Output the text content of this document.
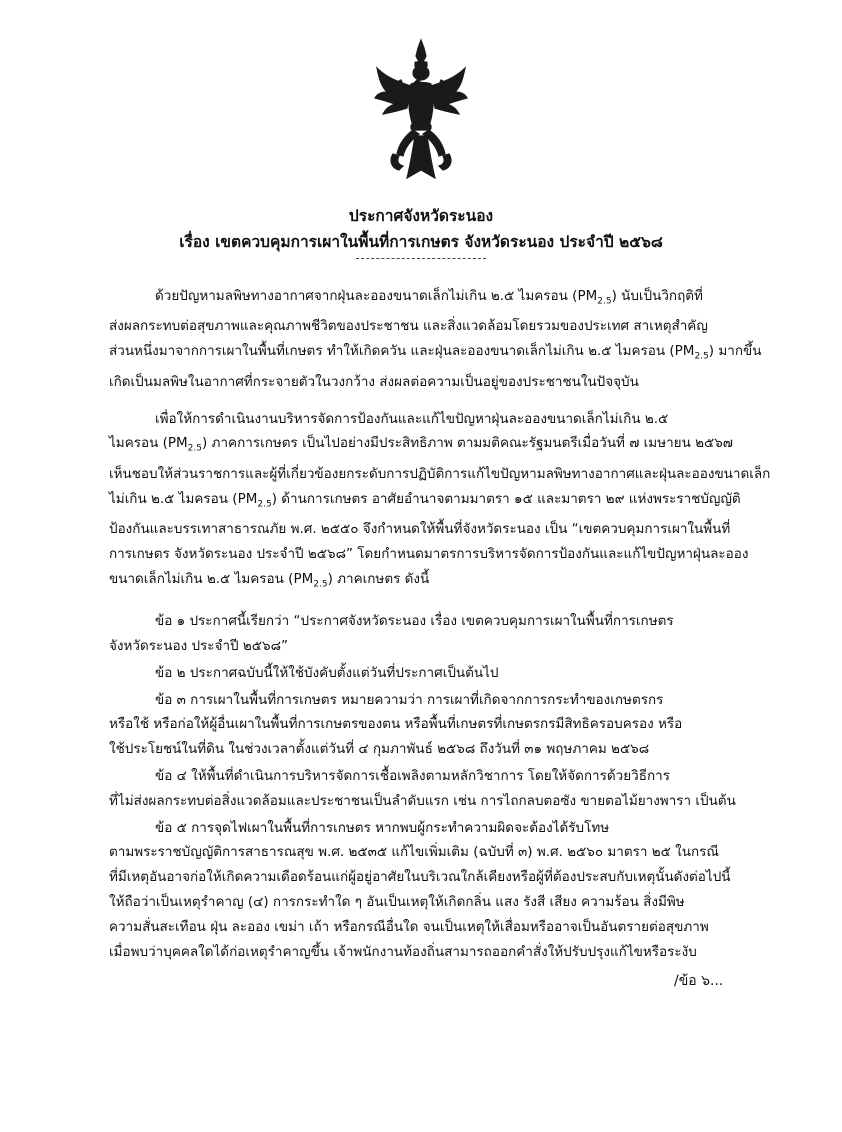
ประกาศจังหวัดระนอง
เรื่อง เขตควบคุมการเผาในพื้นที่การเกษตร จังหวัดระนอง ประจำปี ๒๕๖๘
ด้วยปัญหามลพิษทางอากาศจากฝุ่นละอองขนาดเล็กไม่เกิน ๒.๕ ไมครอน $(PM_{2.5})$ นับเป็นวิกฤติที่
ส่งผลกระทบต่อสุขภาพและคุณภาพชีวิตของประชาชน และสิ่งแวดล้อมโดยรวมของประเทศ สาเหตุสำคัญ
ส่วนหนึ่งมาจากการเผาในพื้นที่เกษตร ทำให้เกิดควัน และฝุ่นละอองขนาดเล็กไม่เกิน ๒.๕ ไมครอน $(PM_{2.5})$ มากขึ้น
เกิดเป็นมลพิษในอากาศที่กระจายตัวในวงกว้าง ส่งผลต่อความเป็นอยู่ของประชาชนในปัจจุบัน
เพื่อให้การดำเนินงานบริหารจัดการป้องกันและแก้ไขปัญหาฝุ่นละอองขนาดเล็กไม่เกิน ๒.๕
ไมครอน $(PM_{2.5})$ ภาคการเกษตร เป็นไปอย่างมีประสิทธิภาพ ตามมติคณะรัฐมนตรีเมื่อวันที่ ๗ เมษายน ๒๕๖๗
เห็นชอบให้ส่วนราชการและผู้ที่เกี่ยวข้องยกระดับการปฏิบัติการแก้ไขปัญหามลพิษทางอากาศและฝุ่นละอองขนาดเล็ก
ไม่เกิน ๒.๕ ไมครอน $(PM_{2.5})$ ด้านการเกษตร อาศัยอำนาจตามมาตรา ๑๕ และมาตรา ๒๙ แห่งพระราชบัญญัติ
ป้องกันและบรรเทาสาธารณภัย พ.ศ. ๒๕๕๐ จึงกำหนดให้พื้นที่จังหวัดระนอง เป็น “เขตควบคุมการเผาในพื้นที่
การเกษตร จังหวัดระนอง ประจำปี ๒๕๖๘” โดยกำหนดมาตรการบริหารจัดการป้องกันและแก้ไขปัญหาฝุ่นละออง
ขนาดเล็กไม่เกิน ๒.๕ ไมครอน $(PM_{2.5})$ ภาคเกษตร ดังนี้
ข้อ ๑ ประกาศนี้เรียกว่า “ประกาศจังหวัดระนอง เรื่อง เขตควบคุมการเผาในพื้นที่การเกษตร
จังหวัดระนอง ประจำปี ๒๕๖๘”
ข้อ ๒ ประกาศฉบับนี้ให้ใช้บังคับตั้งแต่วันที่ประกาศเป็นต้นไป
ข้อ ๓ การเผาในพื้นที่การเกษตร หมายความว่า การเผาที่เกิดจากการกระทำของเกษตรกร
หรือใช้ หรือก่อให้ผู้อื่นเผาในพื้นที่การเกษตรของตน หรือพื้นที่เกษตรที่เกษตรกรมีสิทธิครอบครอง หรือ
ใช้ประโยชน์ในที่ดิน ในช่วงเวลาตั้งแต่วันที่ ๔ กุมภาพันธ์ ๒๕๖๘ ถึงวันที่ ๓๑ พฤษภาคม ๒๕๖๘
ข้อ ๔ ให้พื้นที่ดำเนินการบริหารจัดการเชื้อเพลิงตามหลักวิชาการ โดยให้จัดการด้วยวิธีการ
ที่ไม่ส่งผลกระทบต่อสิ่งแวดล้อมและประชาชนเป็นลำดับแรก เช่น การไถกลบตอซัง ขายตอไม้ยางพารา เป็นต้น
ข้อ ๕ การจุดไฟเผาในพื้นที่การเกษตร หากพบผู้กระทำความผิดจะต้องได้รับโทษ
ตามพระราชบัญญัติการสาธารณสุข พ.ศ. ๒๕๓๕ แก้ไขเพิ่มเติม (ฉบับที่ ๓) พ.ศ. ๒๕๖๐ มาตรา ๒๕ ในกรณี
ที่มีเหตุอันอาจก่อให้เกิดความเดือดร้อนแก่ผู้อยู่อาศัยในบริเวณใกล้เคียงหรือผู้ที่ต้องประสบกับเหตุนั้นดังต่อไปนี้
ให้ถือว่าเป็นเหตุรำคาญ (๔) การกระทำใด ๆ อันเป็นเหตุให้เกิดกลิ่น แสง รังสี เสียง ความร้อน สิ่งมีพิษ
ความสั่นสะเทือน ฝุ่น ละออง เขม่า เถ้า หรือกรณีอื่นใด จนเป็นเหตุให้เสื่อมหรืออาจเป็นอันตรายต่อสุขภาพ
เมื่อพบว่าบุคคลใดได้ก่อเหตุรำคาญขึ้น เจ้าพนักงานท้องถิ่นสามารถออกคำสั่งให้ปรับปรุงแก้ไขหรือระงับ
/ข้อ ๖...
